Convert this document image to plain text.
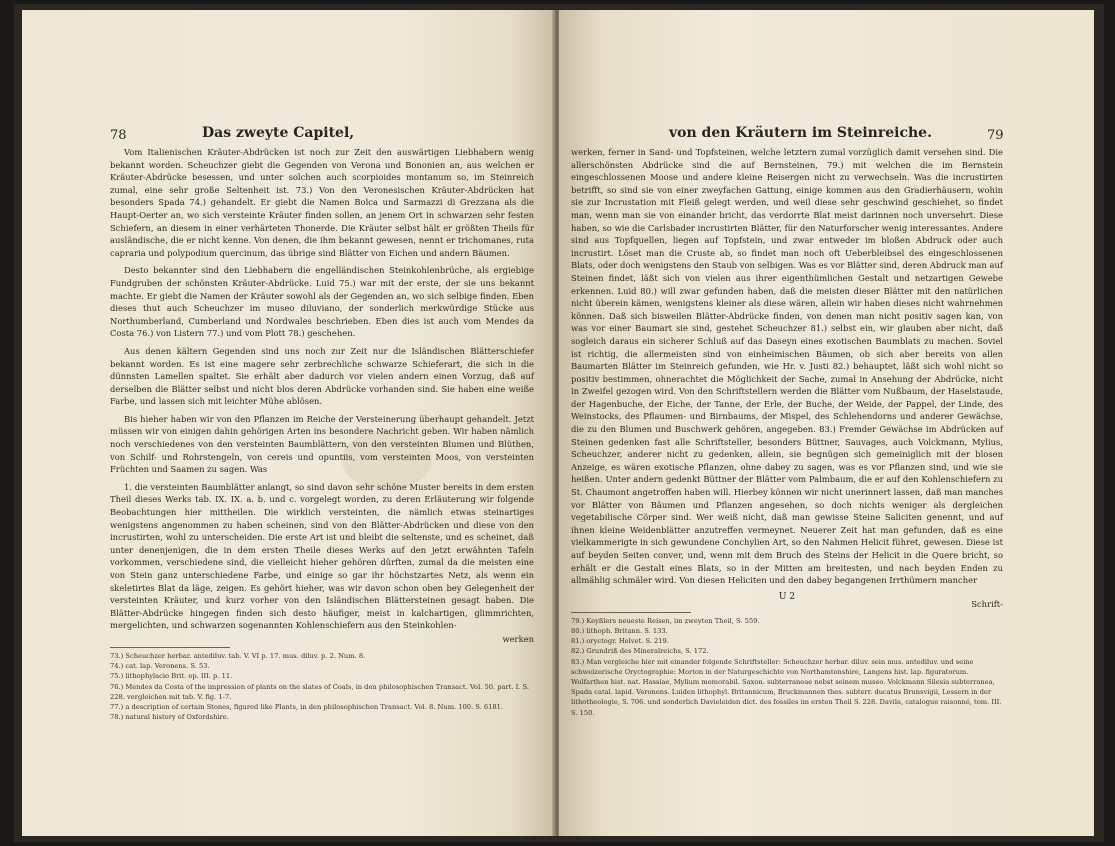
78	Das zweyte Capitel,

Vom Italienischen Kräuter-Abdrücken ist noch zur Zeit den auswärtigen Liebhabern wenig bekannt worden. Scheuchzer giebt die Gegenden von Verona und Bononien an, aus welchen er Kräuter-Abdrücke besessen, und unter solchen auch scorpioides montanum so, im Steinreich zumal, eine sehr große Seltenheit ist. 73.) Von den Veronesischen Kräuter-Abdrücken hat besonders Spada 74.) gehandelt. Er giebt die Namen Bolca und Sarmazzi di Grezzana als die Haupt-Oerter an, wo sich versteinte Kräuter finden sollen, an jenem Ort in schwarzen sehr festen Schiefern, an diesem in einer verhärteten Thonerde. Die Kräuter selbst hält er größten Theils für ausländische, die er nicht kenne. Von denen, die ihm bekannt gewesen, nennt er trichomanes, ruta capraria und polypodium quercinum, das übrige sind Blätter von Eichen und andern Bäumen.

Desto bekannter sind den Liebhabern die engelländischen Steinkohlenbrüche, als ergiebige Fundgruben der schönsten Kräuter-Abdrücke. Luid 75.) war mit der erste, der sie uns bekannt machte. Er giebt die Namen der Kräuter sowohl als der Gegenden an, wo sich selbige finden. Eben dieses thut auch Scheuchzer im museo diluviano, der sonderlich merkwürdige Stücke aus Northumberland, Cumberland und Nordwales beschrieben. Eben dies ist auch vom Mendes da Costa 76.) von Listern 77.) und vom Plott 78.) geschehen.

Aus denen kältern Gegenden sind uns noch zur Zeit nur die Isländischen Blätterschiefer bekannt worden. Es ist eine magere sehr zerbrechliche schwarze Schieferart, die sich in die dünnsten Lamellen spaltet. Sie erhält aber dadurch vor vielen andern einen Vorzug, daß auf derselben die Blätter selbst und nicht blos deren Abdrücke vorhanden sind. Sie haben eine weiße Farbe, und lassen sich mit leichter Mühe ablösen.

Bis hieher haben wir von den Pflanzen im Reiche der Versteinerung überhaupt gehandelt. Jetzt müssen wir von einigen dahin gehörigen Arten ins besondere Nachricht geben. Wir haben nämlich noch verschiedenes von den versteinten Baumblättern, von den versteinten Blumen und Blüthen, von Schilf- und Rohrstengeln, von cereis und opuntiis, vom versteinten Moos, von versteinten Früchten und Saamen zu sagen. Was

1. die versteinten Baumblätter anlangt, so sind davon sehr schöne Muster bereits in dem ersten Theil dieses Werks tab. IX. IX. a. b. und c. vorgelegt worden, zu deren Erläuterung wir folgende Beobachtungen hier mittheilen. Die wirklich versteinten, die nämlich etwas steinartiges wenigstens angenommen zu haben scheinen, sind von den Blätter-Abdrücken und diese von den incrustirten, wohl zu unterscheiden. Die erste Art ist und bleibt die seltenste, und es scheinet, daß unter denenjenigen, die in dem ersten Theile dieses Werks auf den jetzt erwähnten Tafeln vorkommen, verschiedene sind, die vielleicht hieher gehören dürften, zumal da die meisten eine von Stein ganz unterschiedene Farbe, und einige so gar ihr höchstzartes Netz, als wenn ein skeletirtes Blat da läge, zeigen. Es gehört hieher, was wir davon schon oben bey Gelegenheit der versteinten Kräuter, und kurz vorher von den Isländischen Blättersteinen gesagt haben. Die Blätter-Abdrücke hingegen finden sich desto häufiger, meist in kalchartigen, glimmrichten, mergelichten, und schwarzen sogenannten Kohlenschiefern aus den Steinkohlen-

werken

73.) Scheuchzer herbar. antediluv. tab. V. VI p. 17. mus. diluv. p. 2. Num. 8.

74.) cat. lap. Veronens. S. 53.

75.) lithophylacio Brit. ep. III. p. 11.

76.) Mendes da Costa of the impression of plants on the slates of Coals, in den philosophischen Transact. Vol. 50. part. I. S. 228. vergleichen mit tab. V. fig. 1-7.

77.) a description of certain Stones, figured like Plants, in den philosophischen Transact. Vol. 8. Num. 100. S. 6181.

78.) natural history of Oxfordshire.

von den Kräutern im Steinreiche.	79

werken, ferner in Sand- und Topfsteinen, welche letztern zumal vorzüglich damit versehen sind. Die allerschönsten Abdrücke sind die auf Bernsteinen, 79.) mit welchen die im Bernstein eingeschlossenen Moose und andere kleine Reisergen nicht zu verwechseln. Was die incrustirten betrifft, so sind sie von einer zweyfachen Gattung, einige kommen aus den Gradierhäusern, wohin sie zur Incrustation mit Fleiß gelegt werden, und weil diese sehr geschwind geschiehet, so findet man, wenn man sie von einander bricht, das verdorrte Blat meist darinnen noch unversehrt. Diese haben, so wie die Carlsbader incrustirten Blätter, für den Naturforscher wenig interessantes. Andere sind aus Topfquellen, liegen auf Topfstein, und zwar entweder im bloßen Abdruck oder auch incrustirt. Löset man die Cruste ab, so findet man noch oft Ueberbleibsel des eingeschlossenen Blats, oder doch wenigstens den Staub von selbigen. Was es vor Blätter sind, deren Abdruck man auf Steinen findet, läßt sich von vielen aus ihrer eigenthümlichen Gestalt und netzartigen Gewebe erkennen. Luid 80.) will zwar gefunden haben, daß die meisten dieser Blätter mit den natürlichen nicht überein kämen, wenigstens kleiner als diese wären, allein wir haben dieses nicht wahrnehmen können. Daß sich bisweilen Blätter-Abdrücke finden, von denen man nicht positiv sagen kan, von was vor einer Baumart sie sind, gestehet Scheuchzer 81.) selbst ein, wir glauben aber nicht, daß sogleich daraus ein sicherer Schluß auf das Daseyn eines exotischen Baumblats zu machen. Soviel ist richtig, die allermeisten sind von einheimischen Bäumen, ob sich aber bereits von allen Baumarten Blätter im Steinreich gefunden, wie Hr. v. Justi 82.) behauptet, läßt sich wohl nicht so positiv bestimmen, ohnerachtet die Möglichkeit der Sache, zumal in Ansehung der Abdrücke, nicht in Zweifel gezogen wird. Von den Schriftstellern werden die Blätter vom Nußbaum, der Haselstaude, der Hagenbuche, der Eiche, der Tanne, der Erle, der Buche, der Weide, der Pappel, der Linde, des Weinstocks, des Pflaumen- und Birnbaums, der Mispel, des Schlehendorns und anderer Gewächse, die zu den Blumen und Buschwerk gehören, angegeben. 83.) Fremder Gewächse im Abdrücken auf Steinen gedenken fast alle Schriftsteller, besonders Büttner, Sauvages, auch Volckmann, Mylius, Scheuchzer, anderer nicht zu gedenken, allein, sie begnügen sich gemeiniglich mit der blosen Anzeige, es wären exotische Pflanzen, ohne dabey zu sagen, was es vor Pflanzen sind, und wie sie heißen. Unter andern gedenkt Büttner der Blätter vom Palmbaum, die er auf den Kohlenschiefern zu St. Chaumont angetroffen haben will. Hierbey können wir nicht unerinnert lassen, daß man manches vor Blätter von Bäumen und Pflanzen angesehen, so doch nichts weniger als dergleichen vegetabilische Cörper sind. Wer weiß nicht, daß man gewisse Steine Saliciten genennt, und auf ihnen kleine Weidenblätter anzutreffen vermeynet. Neuerer Zeit hat man gefunden, daß es eine vielkammerigte in sich gewundene Conchylien Art, so den Nahmen Helicit führet, gewesen. Diese ist auf beyden Seiten conver, und, wenn mit dem Bruch des Steins der Helicit in die Quere bricht, so erhält er die Gestalt eines Blats, so in der Mitten am breitesten, und nach beyden Enden zu allmählig schmäler wird. Von diesen Heliciten und den dabey begangenen Irrthümern mancher

U 2

Schrift-

79.) Keyßlers neueste Reisen, im zweyten Theil, S. 559.

80.) lithoph. Britann. S. 133.

81.) oryctogr. Helvet. S. 219.

82.) Grundriß des Mineralreichs, S. 172.

83.) Man vergleiche hier mit einander folgende Schriftsteller: Scheuchzer herbar. diluv. sein mus. antediluv. und seine schweizerische Oryctographie: Morton in der Naturgeschichte von Northamtonshire, Langens hist. lap. figuratorum. Wolfarthen hist. nat. Hassiae, Mylium memorabil. Saxon. subterraneae nebst seinem museo. Volckmann Silesia subterranea, Spada catal. lapid. Veronens. Luiden lithophyl. Britannicum, Bruckmannen thes. subterr. ducatus Brunsvigii, Lessern in der lithotheologie, S. 706. und sonderlich Davieleiden dict. des fossiles im ersten Theil S. 228. Davila, catalogue raisonné, tom. III. S. 150.
